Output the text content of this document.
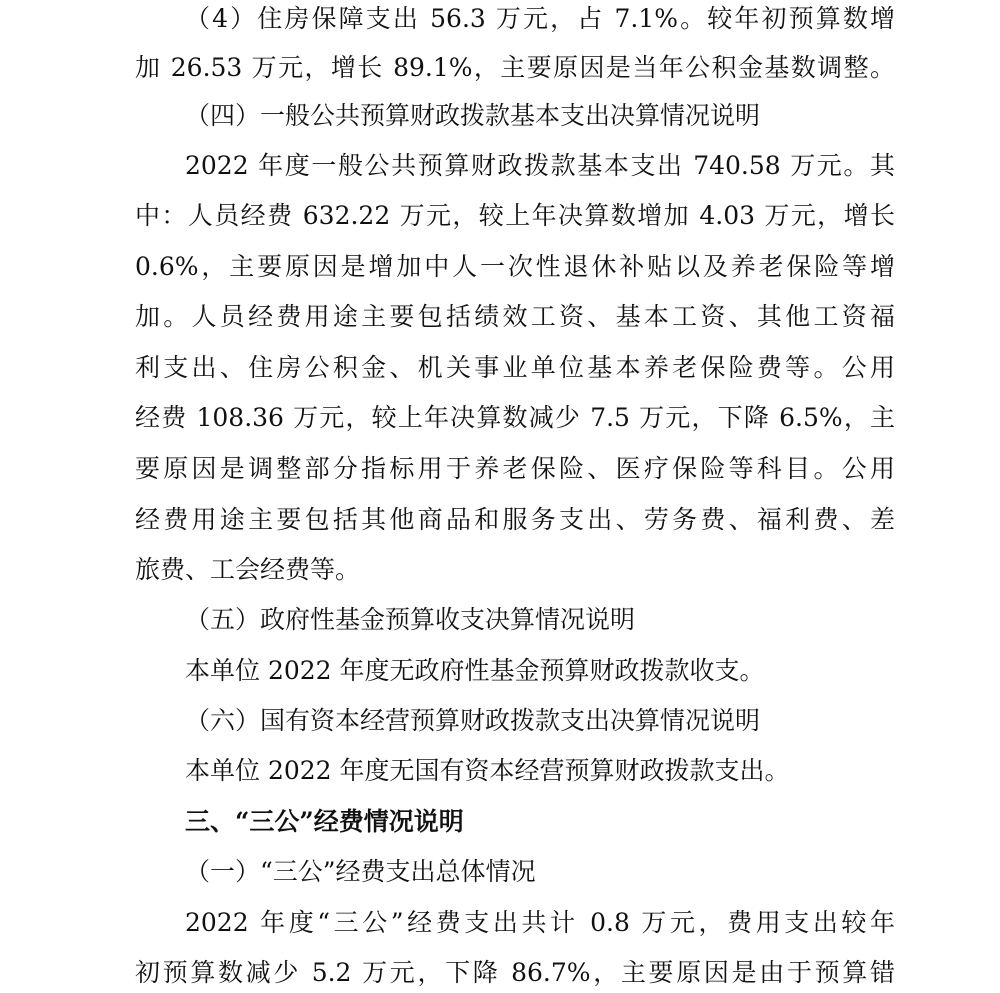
（4）住房保障支出 56.3 万元，占 7.1%。较年初预算数增
加 26.53 万元，增长 89.1%，主要原因是当年公积金基数调整。
（四）一般公共预算财政拨款基本支出决算情况说明
2022 年度一般公共预算财政拨款基本支出 740.58 万元。其
中：人员经费 632.22 万元，较上年决算数增加 4.03 万元，增长
0.6%，主要原因是增加中人一次性退休补贴以及养老保险等增
加。人员经费用途主要包括绩效工资、基本工资、其他工资福
利支出、住房公积金、机关事业单位基本养老保险费等。公用
经费 108.36 万元，较上年决算数减少 7.5 万元，下降 6.5%，主
要原因是调整部分指标用于养老保险、医疗保险等科目。公用
经费用途主要包括其他商品和服务支出、劳务费、福利费、差
旅费、工会经费等。
（五）政府性基金预算收支决算情况说明
本单位 2022 年度无政府性基金预算财政拨款收支。
（六）国有资本经营预算财政拨款支出决算情况说明
本单位 2022 年度无国有资本经营预算财政拨款支出。
三、“三公”经费情况说明
（一）“三公”经费支出总体情况
2022 年度“三公”经费支出共计 0.8 万元，费用支出较年
初预算数减少 5.2 万元，下降 86.7%，主要原因是由于预算错
